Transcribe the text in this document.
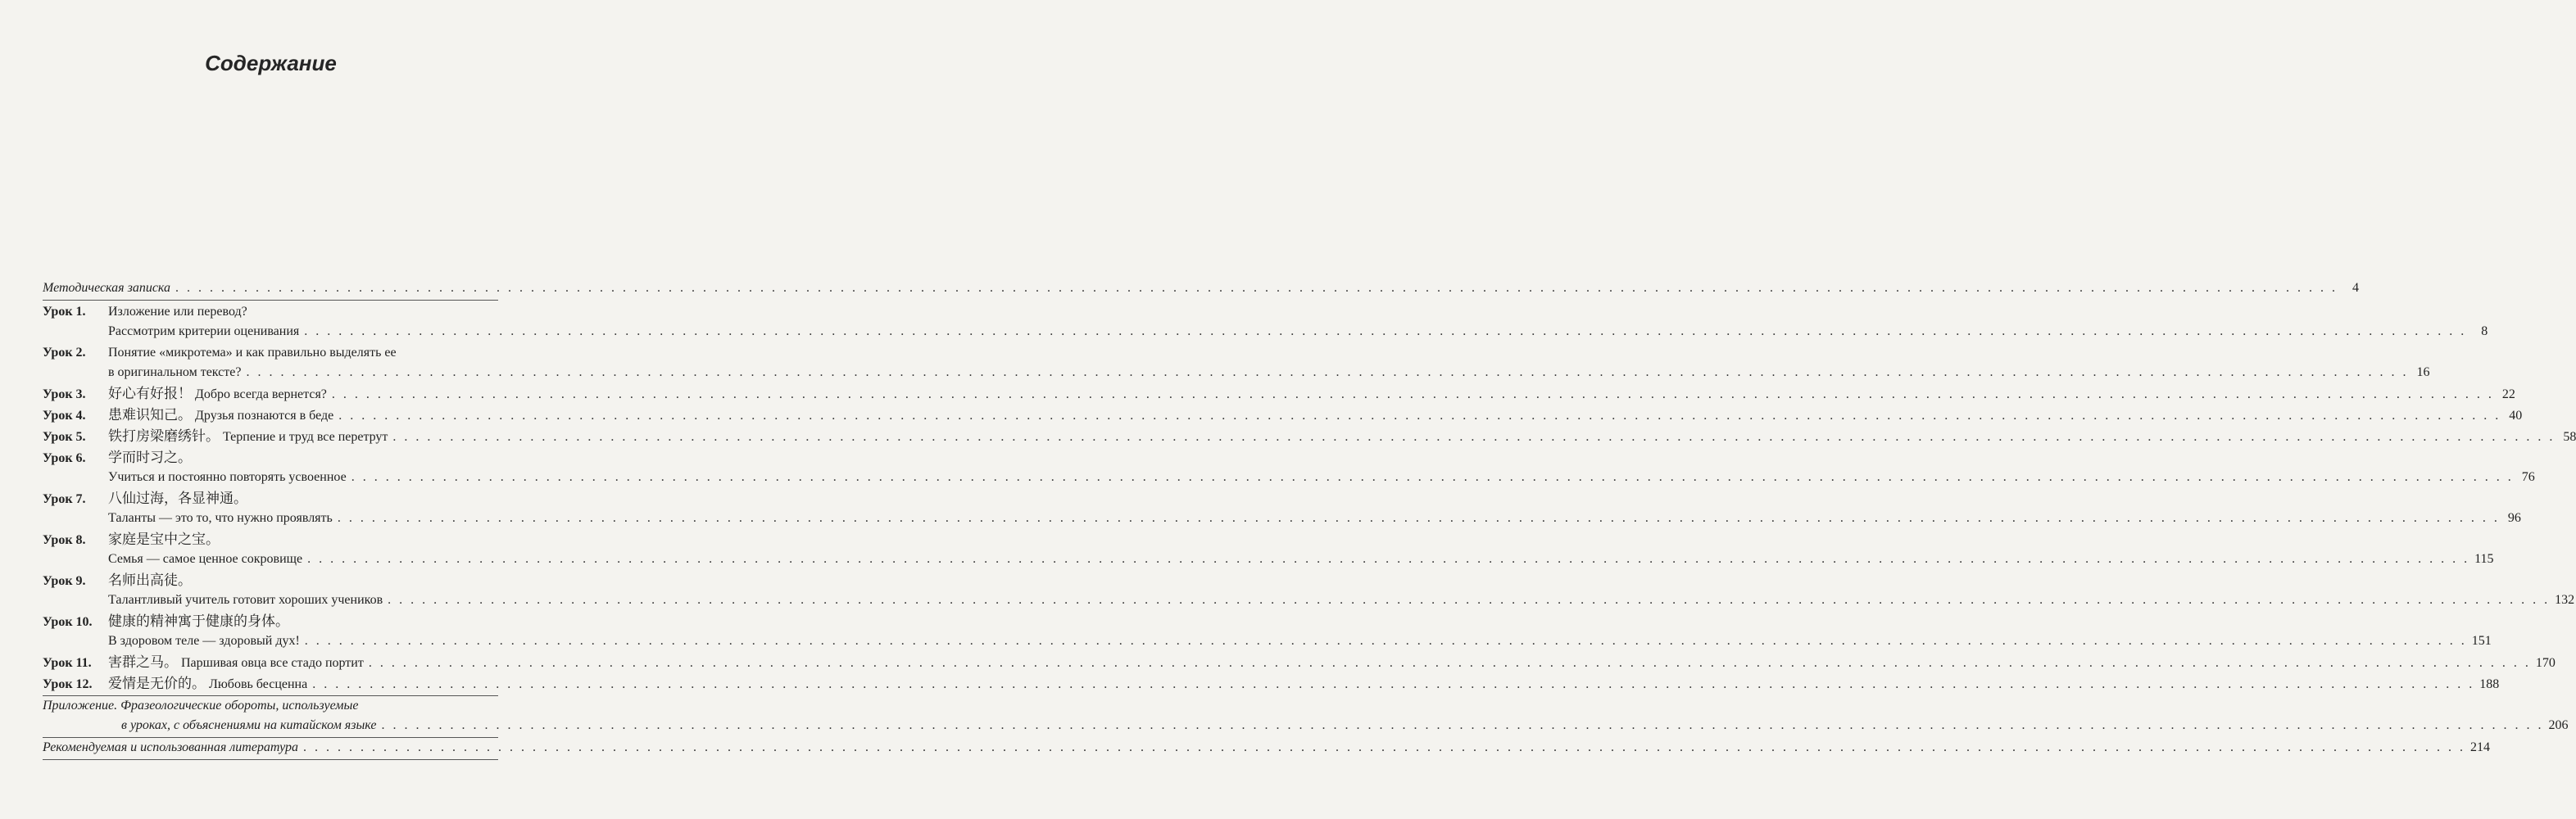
Содержание
Методическая записка . . .	4
Урок 1.	Изложение или перевод?
Рассмотрим критерии оценивания . . .	8
Урок 2.	Понятие «микротема» и как правильно выделять ее
в оригинальном тексте? . . .	16
Урок 3.	好心有好报！ Добро всегда вернется? . . .	22
Урок 4.	患难识知己。 Друзья познаются в беде . . .	40
Урок 5.	铁打房梁磨绣针。 Терпение и труд все перетрут . . .	58
Урок 6.	学而时习之。
Учиться и постоянно повторять усвоенное . . .	76
Урок 7.	八仙过海，各显神通。
Таланты — это то, что нужно проявлять . . .	96
Урок 8.	家庭是宝中之宝。
Семья — самое ценное сокровище . . .	115
Урок 9.	名师出高徒。
Талантливый учитель готовит хороших учеников . . .	132
Урок 10.	健康的精神寓于健康的身体。
В здоровом теле — здоровый дух! . . .	151
Урок 11.	害群之马。 Паршивая овца все стадо портит . . .	170
Урок 12.	爱情是无价的。 Любовь бесценна . . .	188
Приложение. Фразеологические обороты, используемые
в уроках, с объяснениями на китайском языке . . .	206
Рекомендуемая и использованная литература . . .	214
